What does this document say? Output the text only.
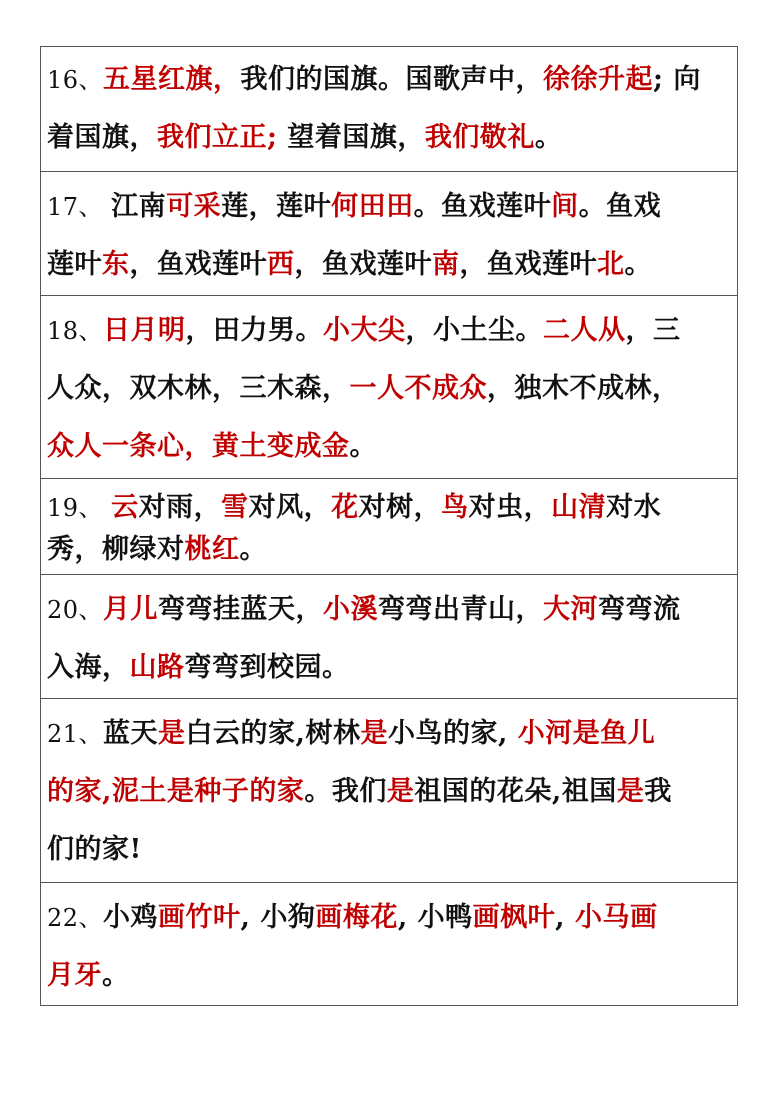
16、五星红旗，我们的国旗。国歌声中，徐徐升起; 向
着国旗，我们立正; 望着国旗，我们敬礼。
17、 江南可采莲，莲叶何田田。鱼戏莲叶间。鱼戏
莲叶东，鱼戏莲叶西，鱼戏莲叶南，鱼戏莲叶北。
18、日月明，田力男。小大尖，小土尘。二人从，三
人众，双木林，三木森，一人不成众，独木不成林，
众人一条心，黄土变成金。
19、 云对雨，雪对风，花对树，鸟对虫，山清对水
秀，柳绿对桃红。
20、月儿弯弯挂蓝天，小溪弯弯出青山，大河弯弯流
入海，山路弯弯到校园。
21、蓝天是白云的家,树林是小鸟的家, 小河是鱼儿
的家,泥土是种子的家。我们是祖国的花朵,祖国是我
们的家!
22、小鸡画竹叶, 小狗画梅花, 小鸭画枫叶, 小马画
月牙。
